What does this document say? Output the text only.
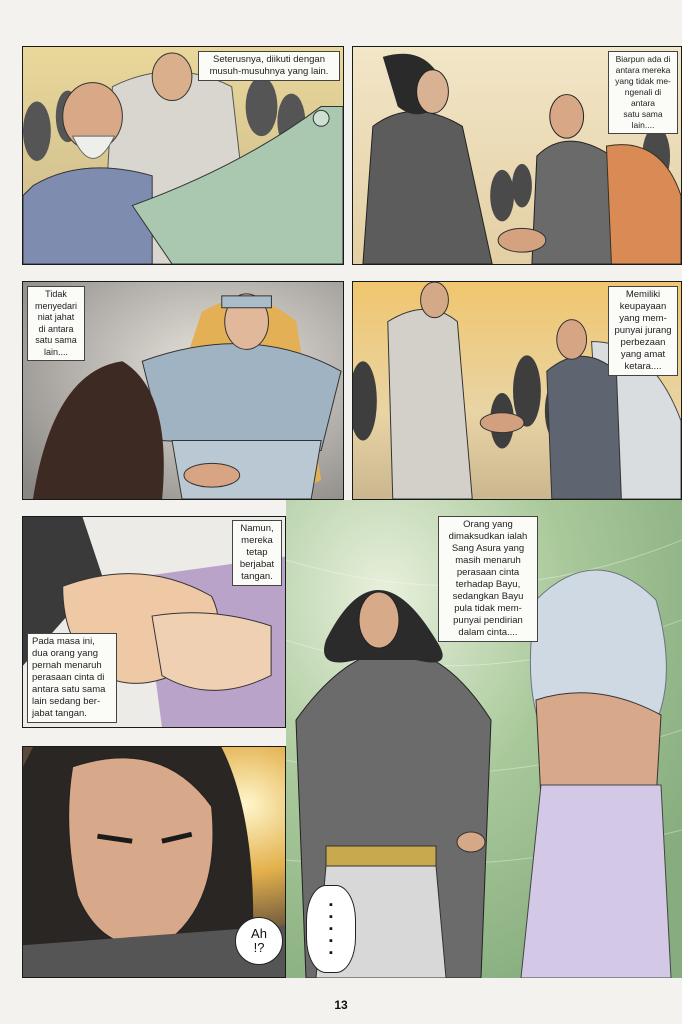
Seterusnya, diikuti dengan
musuh-musuhnya yang lain.
Biarpun ada di
antara mereka
yang tidak me-
ngenali di antara
satu sama lain....
Tidak
menyedari
niat jahat
di antara
satu sama
lain....
Memiliki
keupayaan
yang mem-
punyai jurang
perbezaan
yang amat
ketara....
Namun,
mereka
tetap
berjabat
tangan.
Pada masa ini,
dua orang yang
pernah menaruh
perasaan cinta di
antara satu sama
lain sedang ber-
jabat tangan.
Ah
!?
Orang yang
dimaksudkan ialah
Sang Asura yang
masih menaruh
perasaan cinta
terhadap Bayu,
sedangkan Bayu
pula tidak mem-
punyai pendirian
dalam cinta....
▪
▪
▪
▪
▪
13
